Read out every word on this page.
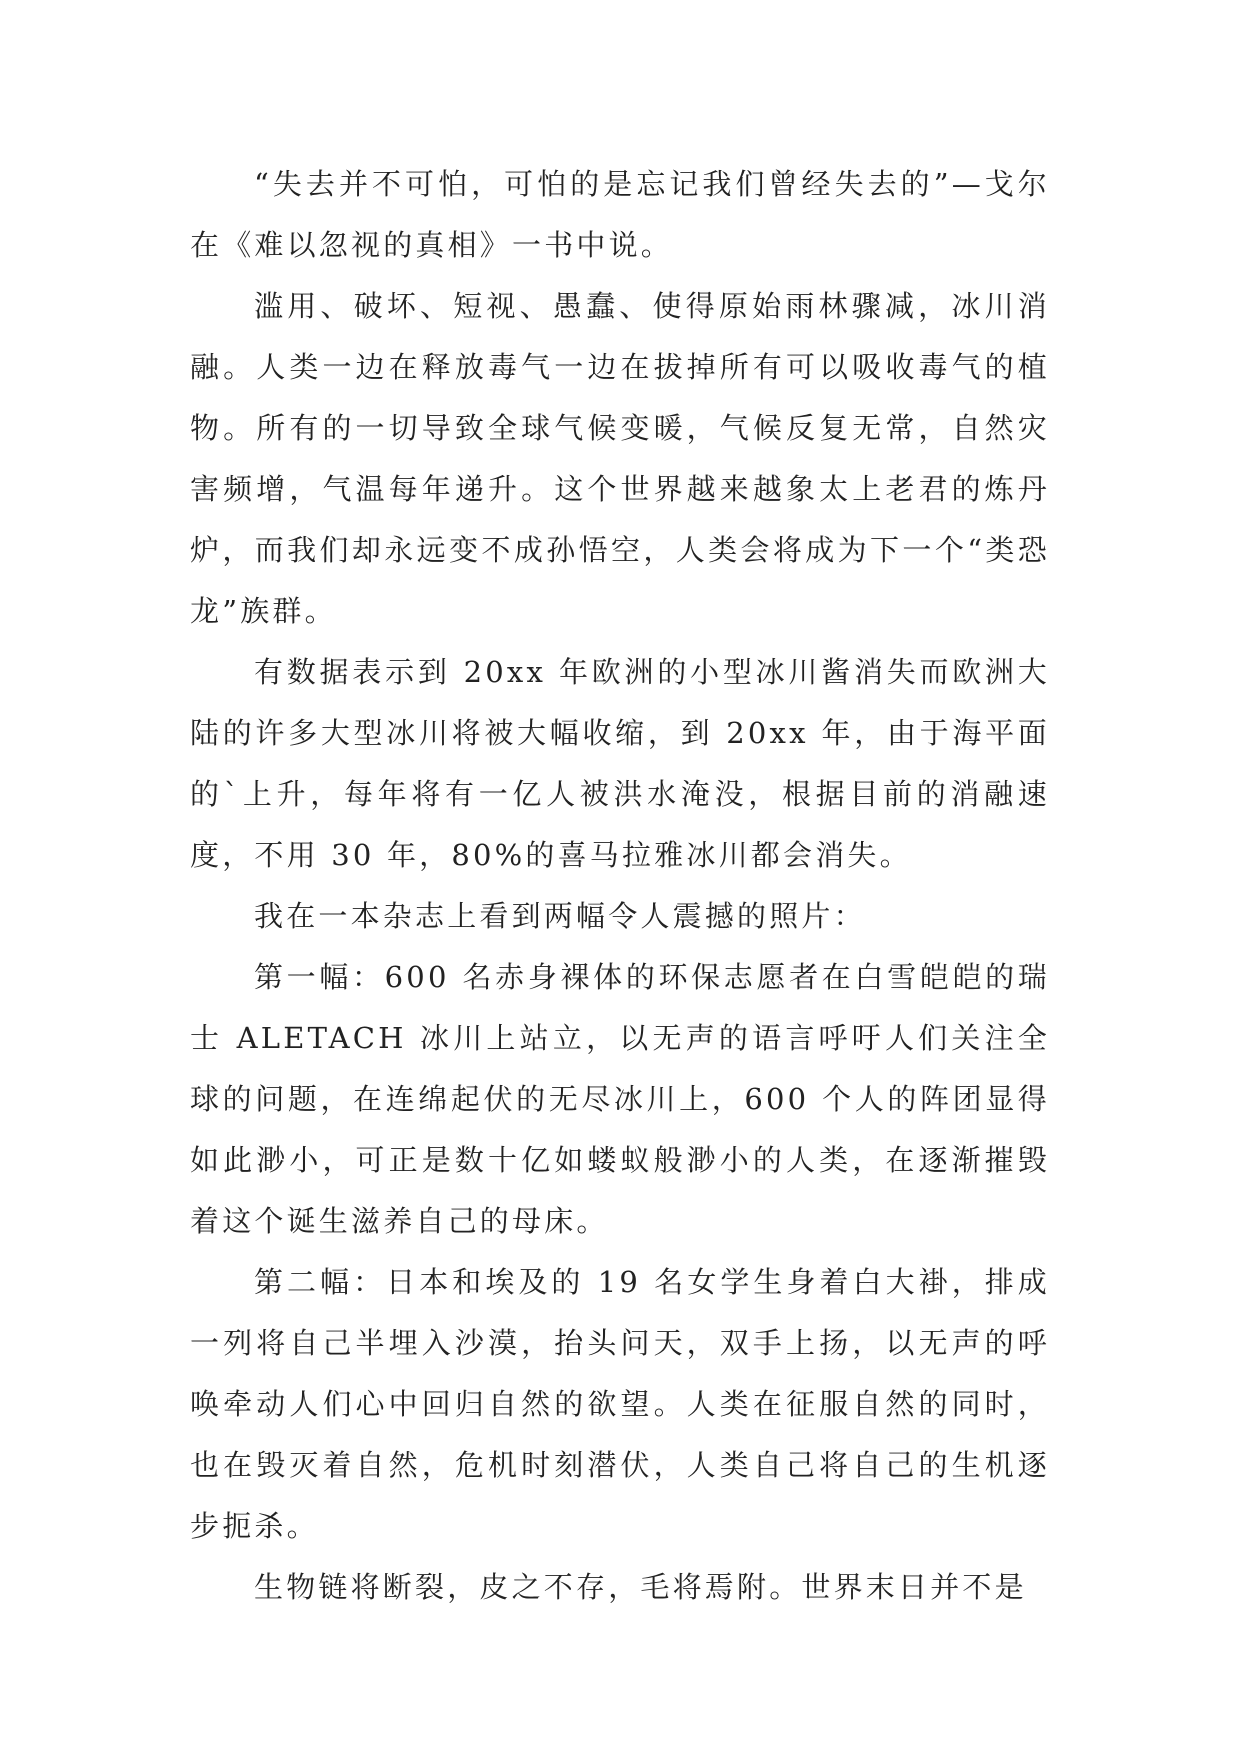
“失去并不可怕，可怕的是忘记我们曾经失去的”—戈尔在《难以忽视的真相》一书中说。

滥用、破坏、短视、愚蠢、使得原始雨林骤减，冰川消融。人类一边在释放毒气一边在拔掉所有可以吸收毒气的植物。所有的一切导致全球气候变暖，气候反复无常，自然灾害频增，气温每年递升。这个世界越来越象太上老君的炼丹炉，而我们却永远变不成孙悟空，人类会将成为下一个“类恐龙”族群。

有数据表示到 20xx 年欧洲的小型冰川酱消失而欧洲大陆的许多大型冰川将被大幅收缩，到 20xx 年，由于海平面的`上升，每年将有一亿人被洪水淹没，根据目前的消融速度，不用 30 年，80%的喜马拉雅冰川都会消失。

我在一本杂志上看到两幅令人震撼的照片：

第一幅：600 名赤身裸体的环保志愿者在白雪皑皑的瑞士 ALETACH 冰川上站立，以无声的语言呼吁人们关注全球的问题，在连绵起伏的无尽冰川上，600 个人的阵团显得如此渺小，可正是数十亿如蝼蚁般渺小的人类，在逐渐摧毁着这个诞生滋养自己的母床。

第二幅：日本和埃及的 19 名女学生身着白大褂，排成一列将自己半埋入沙漠，抬头问天，双手上扬，以无声的呼唤牵动人们心中回归自然的欲望。人类在征服自然的同时，也在毁灭着自然，危机时刻潜伏，人类自己将自己的生机逐步扼杀。

生物链将断裂，皮之不存，毛将焉附。世界末日并不是
